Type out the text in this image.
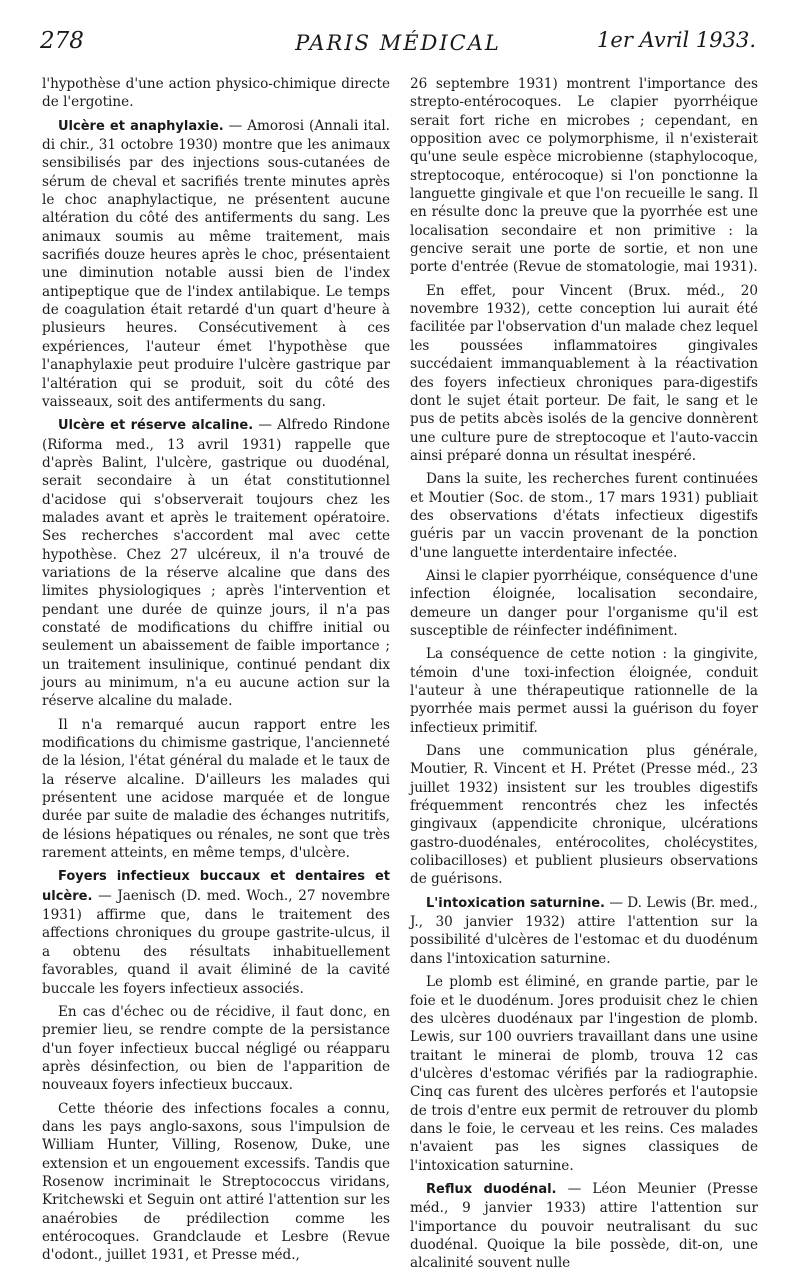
278	PARIS MÉDICAL	1er Avril 1933.

l'hypothèse d'une action physico-chimique directe de l'ergotine.

Ulcère et anaphylaxie. — Amorosi (Annali ital. di chir., 31 octobre 1930) montre que les animaux sensibilisés par des injections sous-cutanées de sérum de cheval et sacrifiés trente minutes après le choc anaphylactique, ne présentent aucune altération du côté des antiferments du sang. Les animaux soumis au même traitement, mais sacrifiés douze heures après le choc, présentaient une diminution notable aussi bien de l'index antipeptique que de l'index antilabique. Le temps de coagulation était retardé d'un quart d'heure à plusieurs heures. Consécutivement à ces expériences, l'auteur émet l'hypothèse que l'anaphylaxie peut produire l'ulcère gastrique par l'altération qui se produit, soit du côté des vaisseaux, soit des antiferments du sang.

Ulcère et réserve alcaline. — Alfredo Rindone (Riforma med., 13 avril 1931) rappelle que d'après Balint, l'ulcère, gastrique ou duodénal, serait secondaire à un état constitutionnel d'acidose qui s'observerait toujours chez les malades avant et après le traitement opératoire. Ses recherches s'accordent mal avec cette hypothèse. Chez 27 ulcéreux, il n'a trouvé de variations de la réserve alcaline que dans des limites physiologiques ; après l'intervention et pendant une durée de quinze jours, il n'a pas constaté de modifications du chiffre initial ou seulement un abaissement de faible importance ; un traitement insulinique, continué pendant dix jours au minimum, n'a eu aucune action sur la réserve alcaline du malade.

Il n'a remarqué aucun rapport entre les modifications du chimisme gastrique, l'ancienneté de la lésion, l'état général du malade et le taux de la réserve alcaline. D'ailleurs les malades qui présentent une acidose marquée et de longue durée par suite de maladie des échanges nutritifs, de lésions hépatiques ou rénales, ne sont que très rarement atteints, en même temps, d'ulcère.

Foyers infectieux buccaux et dentaires et ulcère. — Jaenisch (D. med. Woch., 27 novembre 1931) affirme que, dans le traitement des affections chroniques du groupe gastrite-ulcus, il a obtenu des résultats inhabituellement favorables, quand il avait éliminé de la cavité buccale les foyers infectieux associés.

En cas d'échec ou de récidive, il faut donc, en premier lieu, se rendre compte de la persistance d'un foyer infectieux buccal négligé ou réapparu après désinfection, ou bien de l'apparition de nouveaux foyers infectieux buccaux.

Cette théorie des infections focales a connu, dans les pays anglo-saxons, sous l'impulsion de William Hunter, Villing, Rosenow, Duke, une extension et un engouement excessifs. Tandis que Rosenow incriminait le Streptococcus viridans, Kritchewski et Seguin ont attiré l'attention sur les anaérobies de prédilection comme les entérocoques. Grandclaude et Lesbre (Revue d'odont., juillet 1931, et Presse méd.,

26 septembre 1931) montrent l'importance des strepto-entérocoques. Le clapier pyorrhéique serait fort riche en microbes ; cependant, en opposition avec ce polymorphisme, il n'existerait qu'une seule espèce microbienne (staphylocoque, streptocoque, entérocoque) si l'on ponctionne la languette gingivale et que l'on recueille le sang. Il en résulte donc la preuve que la pyorrhée est une localisation secondaire et non primitive : la gencive serait une porte de sortie, et non une porte d'entrée (Revue de stomatologie, mai 1931).

En effet, pour Vincent (Brux. méd., 20 novembre 1932), cette conception lui aurait été facilitée par l'observation d'un malade chez lequel les poussées inflammatoires gingivales succédaient immanquablement à la réactivation des foyers infectieux chroniques para-digestifs dont le sujet était porteur. De fait, le sang et le pus de petits abcès isolés de la gencive donnèrent une culture pure de streptocoque et l'auto-vaccin ainsi préparé donna un résultat inespéré.

Dans la suite, les recherches furent continuées et Moutier (Soc. de stom., 17 mars 1931) publiait des observations d'états infectieux digestifs guéris par un vaccin provenant de la ponction d'une languette interdentaire infectée.

Ainsi le clapier pyorrhéique, conséquence d'une infection éloignée, localisation secondaire, demeure un danger pour l'organisme qu'il est susceptible de réinfecter indéfiniment.

La conséquence de cette notion : la gingivite, témoin d'une toxi-infection éloignée, conduit l'auteur à une thérapeutique rationnelle de la pyorrhée mais permet aussi la guérison du foyer infectieux primitif.

Dans une communication plus générale, Moutier, R. Vincent et H. Prétet (Presse méd., 23 juillet 1932) insistent sur les troubles digestifs fréquemment rencontrés chez les infectés gingivaux (appendicite chronique, ulcérations gastro-duodénales, entérocolites, cholécystites, colibacilloses) et publient plusieurs observations de guérisons.

L'intoxication saturnine. — D. Lewis (Br. med., J., 30 janvier 1932) attire l'attention sur la possibilité d'ulcères de l'estomac et du duodénum dans l'intoxication saturnine.

Le plomb est éliminé, en grande partie, par le foie et le duodénum. Jores produisit chez le chien des ulcères duodénaux par l'ingestion de plomb. Lewis, sur 100 ouvriers travaillant dans une usine traitant le minerai de plomb, trouva 12 cas d'ulcères d'estomac vérifiés par la radiographie. Cinq cas furent des ulcères perforés et l'autopsie de trois d'entre eux permit de retrouver du plomb dans le foie, le cerveau et les reins. Ces malades n'avaient pas les signes classiques de l'intoxication saturnine.

Reflux duodénal. — Léon Meunier (Presse méd., 9 janvier 1933) attire l'attention sur l'importance du pouvoir neutralisant du suc duodénal. Quoique la bile possède, dit-on, une alcalinité souvent nulle
